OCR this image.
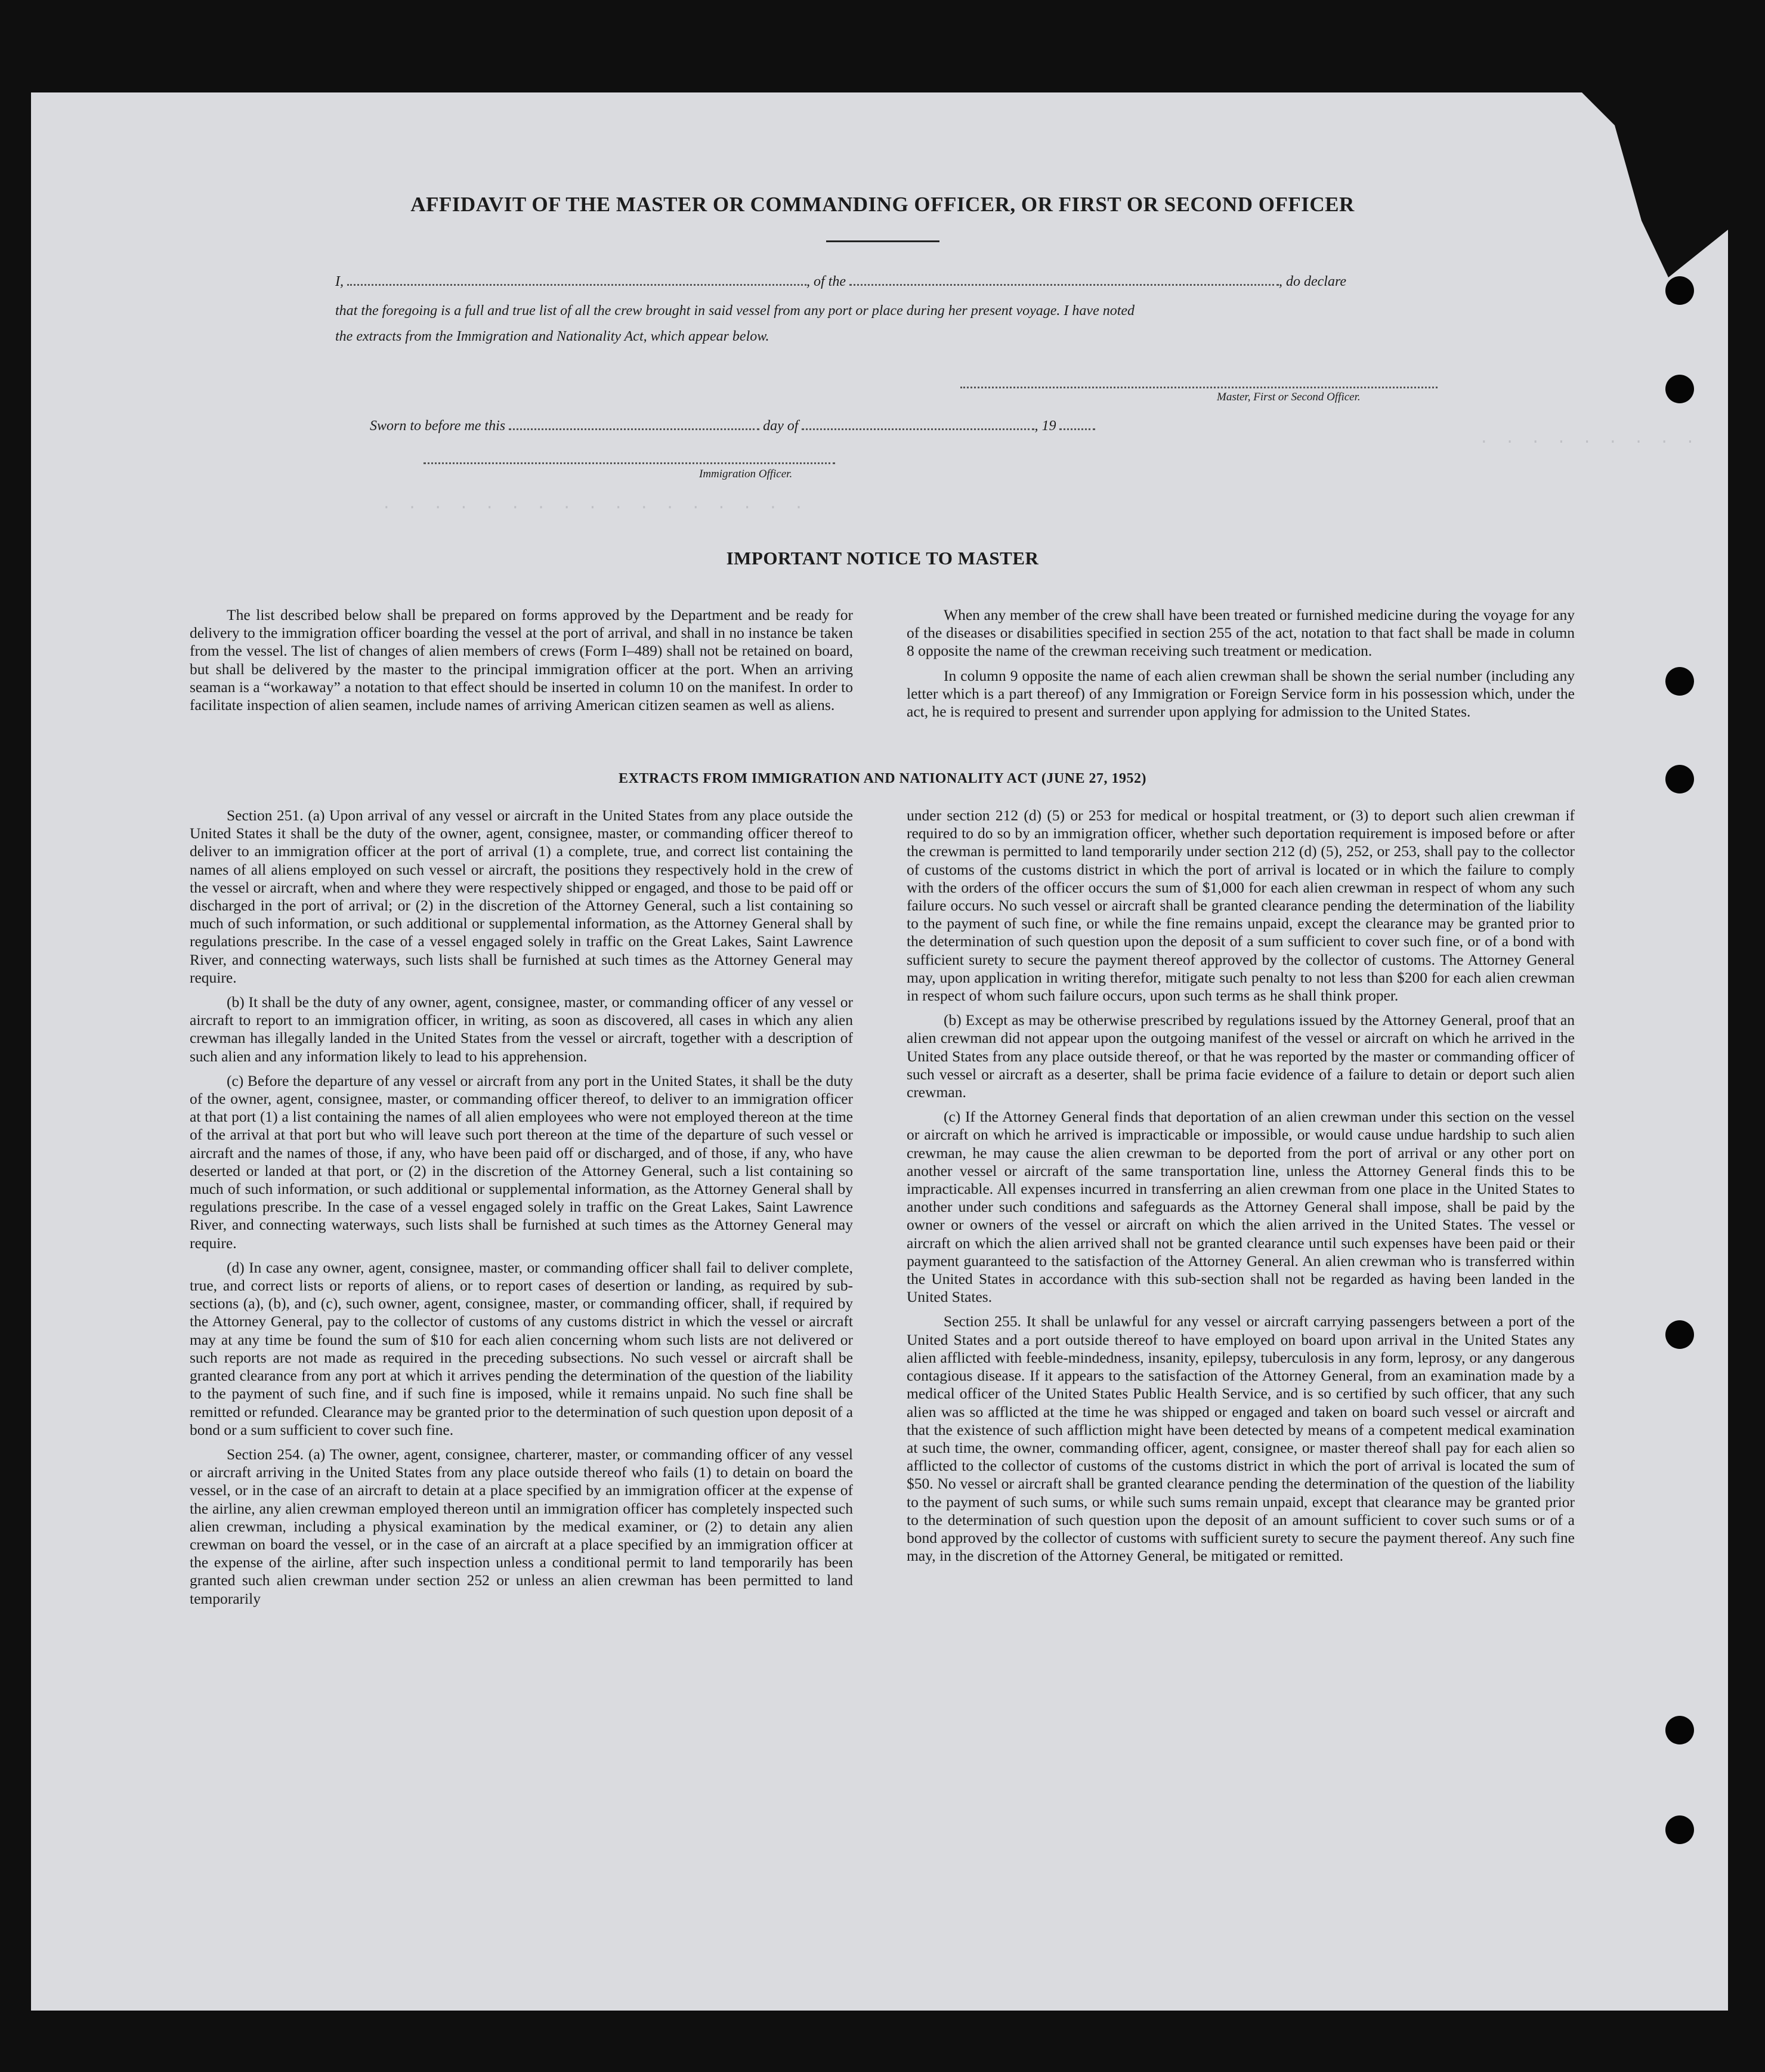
. . . . . . . . . . . . . . . . .
. . . . . . . . .
AFFIDAVIT OF THE MASTER OR COMMANDING OFFICER, OR FIRST OR SECOND OFFICER
I,	, of the	, do declare
that the foregoing is a full and true list of all the crew brought in said vessel from any port or place during her present voyage. I have noted
the extracts from the Immigration and Nationality Act, which appear below.
Master, First or Second Officer.
Sworn to before me this	day of	, 19
Immigration Officer.
IMPORTANT NOTICE TO MASTER

The list described below shall be prepared on forms approved by the Department and be ready for delivery to the immigration officer boarding the vessel at the port of arrival, and shall in no instance be taken from the vessel. The list of changes of alien members of crews (Form I–489) shall not be retained on board, but shall be delivered by the master to the principal immigration officer at the port. When an arriving seaman is a “workaway” a notation to that effect should be inserted in column 10 on the manifest. In order to facilitate inspection of alien seamen, include names of arriving American citizen seamen as well as aliens.

When any member of the crew shall have been treated or furnished medicine during the voyage for any of the diseases or disabilities specified in section 255 of the act, notation to that fact shall be made in column 8 opposite the name of the crewman receiving such treatment or medication.

In column 9 opposite the name of each alien crewman shall be shown the serial number (including any letter which is a part thereof) of any Immigration or Foreign Service form in his possession which, under the act, he is required to present and surrender upon applying for admission to the United States.

EXTRACTS FROM IMMIGRATION AND NATIONALITY ACT (JUNE 27, 1952)

Section 251. (a) Upon arrival of any vessel or aircraft in the United States from any place outside the United States it shall be the duty of the owner, agent, consignee, master, or commanding officer thereof to deliver to an immigration officer at the port of arrival (1) a complete, true, and correct list containing the names of all aliens employed on such vessel or aircraft, the positions they respectively hold in the crew of the vessel or aircraft, when and where they were respectively shipped or engaged, and those to be paid off or discharged in the port of arrival; or (2) in the discretion of the Attorney General, such a list containing so much of such information, or such additional or supplemental information, as the Attorney General shall by regulations prescribe. In the case of a vessel engaged solely in traffic on the Great Lakes, Saint Lawrence River, and connecting waterways, such lists shall be furnished at such times as the Attorney General may require.

(b) It shall be the duty of any owner, agent, consignee, master, or commanding officer of any vessel or aircraft to report to an immigration officer, in writing, as soon as discovered, all cases in which any alien crewman has illegally landed in the United States from the vessel or aircraft, together with a description of such alien and any information likely to lead to his apprehension.

(c) Before the departure of any vessel or aircraft from any port in the United States, it shall be the duty of the owner, agent, consignee, master, or commanding officer thereof, to deliver to an immigration officer at that port (1) a list containing the names of all alien employees who were not employed thereon at the time of the arrival at that port but who will leave such port thereon at the time of the departure of such vessel or aircraft and the names of those, if any, who have been paid off or discharged, and of those, if any, who have deserted or landed at that port, or (2) in the discretion of the Attorney General, such a list containing so much of such information, or such additional or supplemental information, as the Attorney General shall by regulations prescribe. In the case of a vessel engaged solely in traffic on the Great Lakes, Saint Lawrence River, and connecting waterways, such lists shall be furnished at such times as the Attorney General may require.

(d) In case any owner, agent, consignee, master, or commanding officer shall fail to deliver complete, true, and correct lists or reports of aliens, or to report cases of desertion or landing, as required by sub-sections (a), (b), and (c), such owner, agent, consignee, master, or commanding officer, shall, if required by the Attorney General, pay to the collector of customs of any customs district in which the vessel or aircraft may at any time be found the sum of $10 for each alien concerning whom such lists are not delivered or such reports are not made as required in the preceding subsections. No such vessel or aircraft shall be granted clearance from any port at which it arrives pending the determination of the question of the liability to the payment of such fine, and if such fine is imposed, while it remains unpaid. No such fine shall be remitted or refunded. Clearance may be granted prior to the determination of such question upon deposit of a bond or a sum sufficient to cover such fine.

Section 254. (a) The owner, agent, consignee, charterer, master, or commanding officer of any vessel or aircraft arriving in the United States from any place outside thereof who fails (1) to detain on board the vessel, or in the case of an aircraft to detain at a place specified by an immigration officer at the expense of the airline, any alien crewman employed thereon until an immigration officer has completely inspected such alien crewman, including a physical examination by the medical examiner, or (2) to detain any alien crewman on board the vessel, or in the case of an aircraft at a place specified by an immigration officer at the expense of the airline, after such inspection unless a conditional permit to land temporarily has been granted such alien crewman under section 252 or unless an alien crewman has been permitted to land temporarily

under section 212 (d) (5) or 253 for medical or hospital treatment, or (3) to deport such alien crewman if required to do so by an immigration officer, whether such deportation requirement is imposed before or after the crewman is permitted to land temporarily under section 212 (d) (5), 252, or 253, shall pay to the collector of customs of the customs district in which the port of arrival is located or in which the failure to comply with the orders of the officer occurs the sum of $1,000 for each alien crewman in respect of whom any such failure occurs. No such vessel or aircraft shall be granted clearance pending the determination of the liability to the payment of such fine, or while the fine remains unpaid, except the clearance may be granted prior to the determination of such question upon the deposit of a sum sufficient to cover such fine, or of a bond with sufficient surety to secure the payment thereof approved by the collector of customs. The Attorney General may, upon application in writing therefor, mitigate such penalty to not less than $200 for each alien crewman in respect of whom such failure occurs, upon such terms as he shall think proper.

(b) Except as may be otherwise prescribed by regulations issued by the Attorney General, proof that an alien crewman did not appear upon the outgoing manifest of the vessel or aircraft on which he arrived in the United States from any place outside thereof, or that he was reported by the master or commanding officer of such vessel or aircraft as a deserter, shall be prima facie evidence of a failure to detain or deport such alien crewman.

(c) If the Attorney General finds that deportation of an alien crewman under this section on the vessel or aircraft on which he arrived is impracticable or impossible, or would cause undue hardship to such alien crewman, he may cause the alien crewman to be deported from the port of arrival or any other port on another vessel or aircraft of the same transportation line, unless the Attorney General finds this to be impracticable. All expenses incurred in transferring an alien crewman from one place in the United States to another under such conditions and safeguards as the Attorney General shall impose, shall be paid by the owner or owners of the vessel or aircraft on which the alien arrived in the United States. The vessel or aircraft on which the alien arrived shall not be granted clearance until such expenses have been paid or their payment guaranteed to the satisfaction of the Attorney General. An alien crewman who is transferred within the United States in accordance with this sub-section shall not be regarded as having been landed in the United States.

Section 255. It shall be unlawful for any vessel or aircraft carrying passengers between a port of the United States and a port outside thereof to have employed on board upon arrival in the United States any alien afflicted with feeble-mindedness, insanity, epilepsy, tuberculosis in any form, leprosy, or any dangerous contagious disease. If it appears to the satisfaction of the Attorney General, from an examination made by a medical officer of the United States Public Health Service, and is so certified by such officer, that any such alien was so afflicted at the time he was shipped or engaged and taken on board such vessel or aircraft and that the existence of such affliction might have been detected by means of a competent medical examination at such time, the owner, commanding officer, agent, consignee, or master thereof shall pay for each alien so afflicted to the collector of customs of the customs district in which the port of arrival is located the sum of $50. No vessel or aircraft shall be granted clearance pending the determination of the question of the liability to the payment of such sums, or while such sums remain unpaid, except that clearance may be granted prior to the determination of such question upon the deposit of an amount sufficient to cover such sums or of a bond approved by the collector of customs with sufficient surety to secure the payment thereof. Any such fine may, in the discretion of the Attorney General, be mitigated or remitted.
